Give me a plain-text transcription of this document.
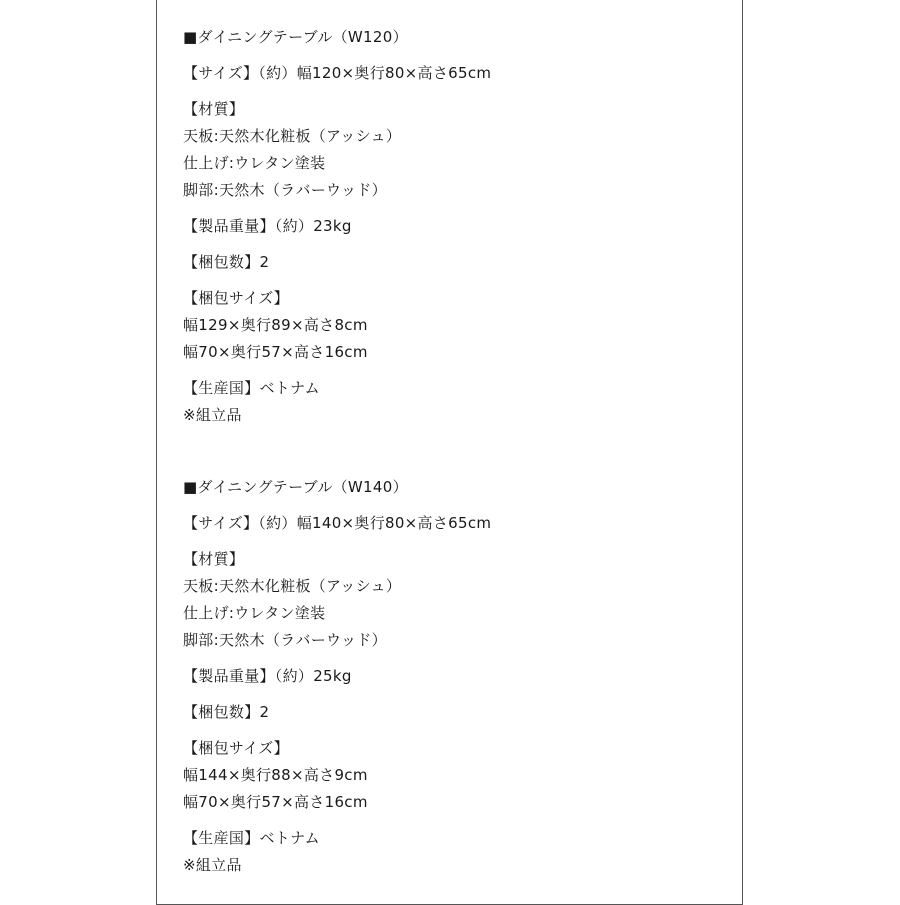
■ダイニングテーブル（W120）
【サイズ】（約）幅120×奥行80×高さ65cm
【材質】
天板:天然木化粧板（アッシュ）
仕上げ:ウレタン塗装
脚部:天然木（ラバーウッド）
【製品重量】（約）23kg
【梱包数】2
【梱包サイズ】
幅129×奥行89×高さ8cm
幅70×奥行57×高さ16cm
【生産国】ベトナム
※組立品
■ダイニングテーブル（W140）
【サイズ】（約）幅140×奥行80×高さ65cm
【材質】
天板:天然木化粧板（アッシュ）
仕上げ:ウレタン塗装
脚部:天然木（ラバーウッド）
【製品重量】（約）25kg
【梱包数】2
【梱包サイズ】
幅144×奥行88×高さ9cm
幅70×奥行57×高さ16cm
【生産国】ベトナム
※組立品
